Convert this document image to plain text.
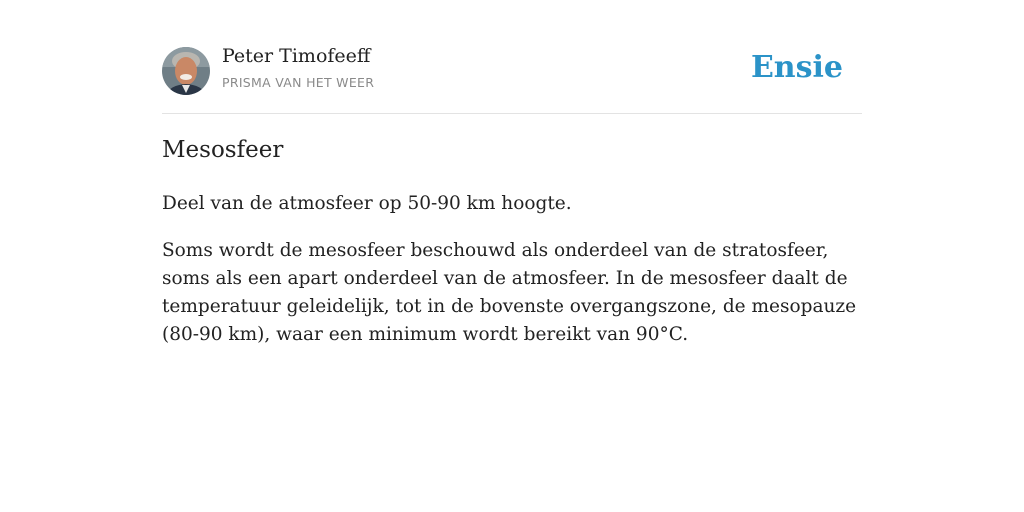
Peter Timofeeff
PRISMA VAN HET WEER	Ensie
Mesosfeer

Deel van de atmosfeer op 50-90 km hoogte.

Soms wordt de mesosfeer beschouwd als onderdeel van de stratosfeer, soms als een apart onderdeel van de atmosfeer. In de mesosfeer daalt de temperatuur geleidelijk, tot in de bovenste overgangszone, de mesopauze (80-90 km), waar een minimum wordt bereikt van 90°C.
